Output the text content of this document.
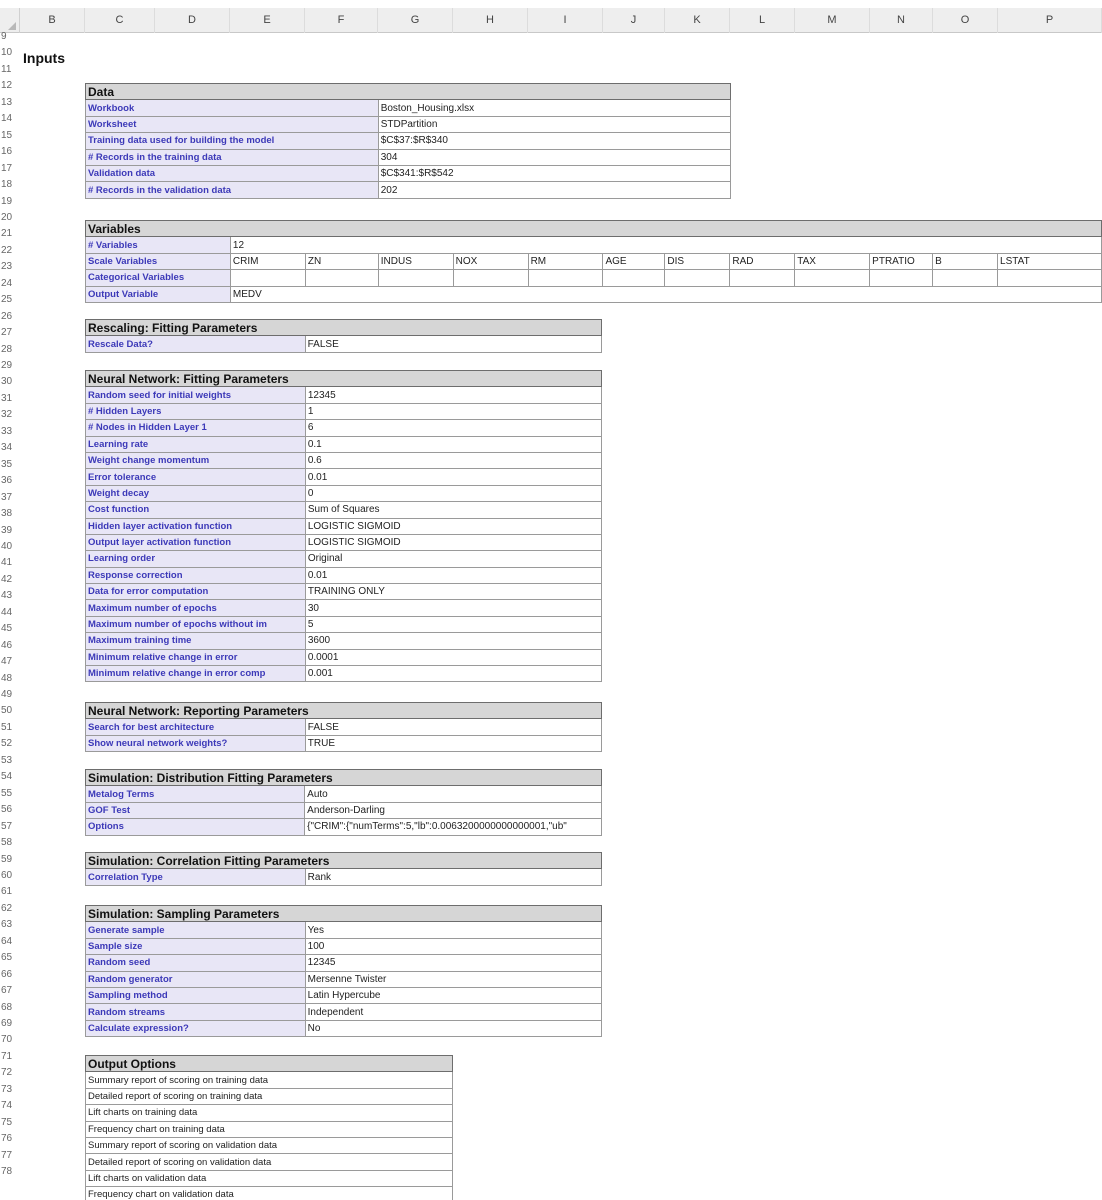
B	C	D	E	F	G	H	I	J	K	L	M	N	O	P
9
10
11
12
13
14
15
16
17
18
19
20
21
22
23
24
25
26
27
28
29
30
31
32
33
34
35
36
37
38
39
40
41
42
43
44
45
46
47
48
49
50
51
52
53
54
55
56
57
58
59
60
61
62
63
64
65
66
67
68
69
70
71
72
73
74
75
76
77
78
Inputs
Data	
Workbook	Boston_Housing.xlsx
Worksheet	STDPartition
Training data used for building the model	$C$37:$R$340
# Records in the training data	304
Validation data	$C$341:$R$542
# Records in the validation data	202
Variables												
# Variables	12											
Scale Variables	CRIM	ZN	INDUS	NOX	RM	AGE	DIS	RAD	TAX	PTRATIO	B	LSTAT
Categorical Variables												
Output Variable	MEDV											
Rescaling: Fitting Parameters
Rescale Data?	FALSE
Neural Network: Fitting Parameters	
Random seed for initial weights	12345
# Hidden Layers	1
# Nodes in Hidden Layer 1	6
Learning rate	0.1
Weight change momentum	0.6
Error tolerance	0.01
Weight decay	0
Cost function	Sum of Squares
Hidden layer activation function	LOGISTIC SIGMOID
Output layer activation function	LOGISTIC SIGMOID
Learning order	Original
Response correction	0.01
Data for error computation	TRAINING ONLY
Maximum number of epochs	30
Maximum number of epochs without im	5
Maximum training time	3600
Minimum relative change in error	0.0001
Minimum relative change in error comp	0.001
Neural Network: Reporting Parameters	
Search for best architecture	FALSE
Show neural network weights?	TRUE
Simulation: Distribution Fitting Parameters	
Metalog Terms	Auto
GOF Test	Anderson-Darling
Options	{"CRIM":{"numTerms":5,"lb":0.0063200000000000001,"ub"
Simulation: Correlation Fitting Parameters
Correlation Type	Rank
Simulation: Sampling Parameters	
Generate sample	Yes
Sample size	100
Random seed	12345
Random generator	Mersenne Twister
Sampling method	Latin Hypercube
Random streams	Independent
Calculate expression?	No
Output Options
Summary report of scoring on training data
Detailed report of scoring on training data
Lift charts on training data
Frequency chart on training data
Summary report of scoring on validation data
Detailed report of scoring on validation data
Lift charts on validation data
Frequency chart on validation data
